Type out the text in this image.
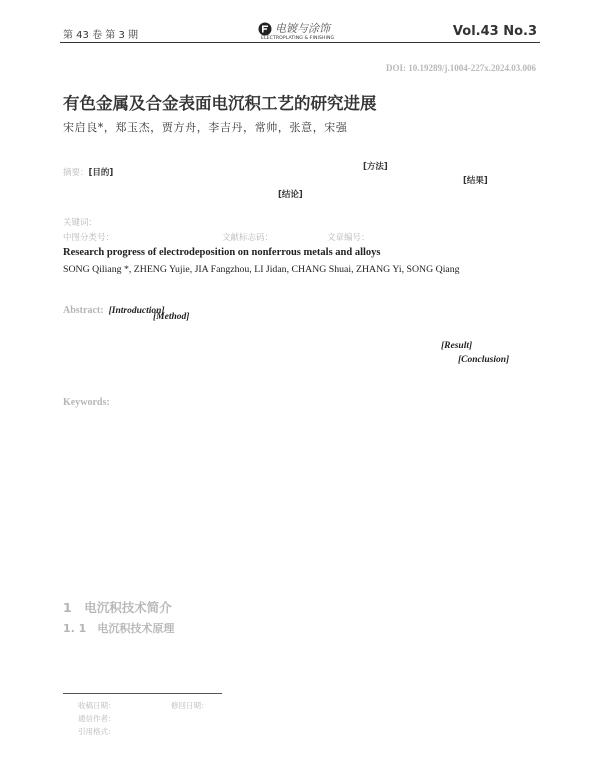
第 43 卷 第 3 期
电镀与涂饰
ELECTROPLATING & FINISHING	Vol.43 No.3
DOI: 10.19289/j.1004-227x.2024.03.006
有色金属及合金表面电沉积工艺的研究进展
宋启良*，郑玉杰，贾方舟，李吉丹，常帅，张意，宋强
摘要：[目的]
[方法]
[结果]
[结论]
关键词：
中图分类号：	文献标志码：	文章编号：
Research progress of electrodeposition on nonferrous metals and alloys
SONG Qiliang *, ZHENG Yujie, JIA Fangzhou, LI Jidan, CHANG Shuai, ZHANG Yi, SONG Qiang
Abstract: [Introduction]
[Method]
[Result]
[Conclusion]
Keywords:
1　电沉积技术简介
1. 1　电沉积技术原理
收稿日期：	修回日期：
通信作者：
引用格式：
